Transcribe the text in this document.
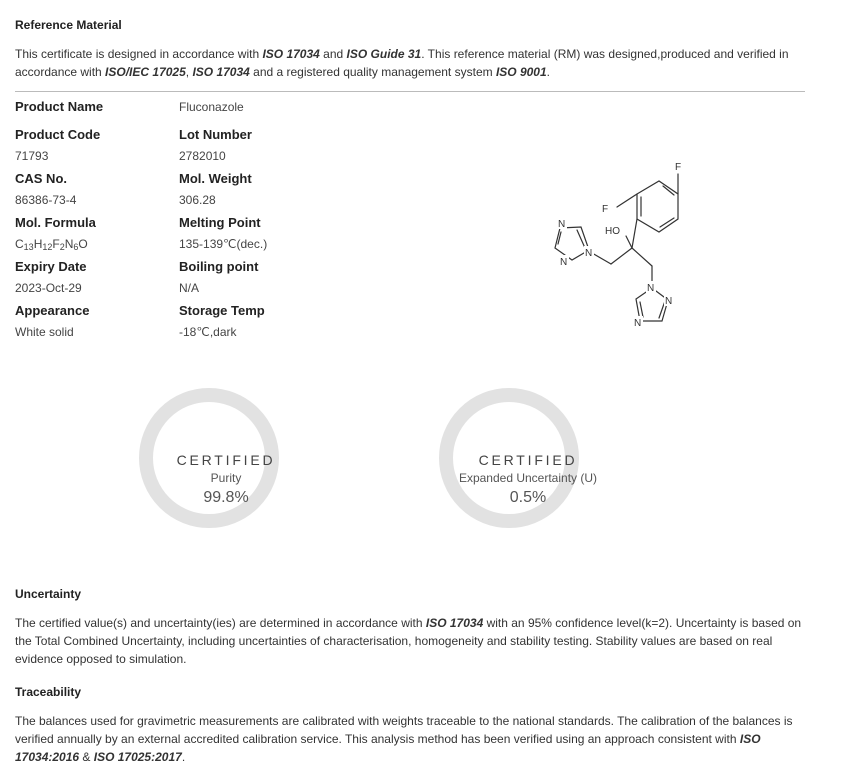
Reference Material
This certificate is designed in accordance with ISO 17034 and ISO Guide 31. This reference material (RM) was designed,produced and verified in accordance with ISO/IEC 17025, ISO 17034 and a registered quality management system ISO 9001.
Product Name	Fluconazole
Product Code
71793
Lot Number
2782010
CAS No.
86386-73-4
Mol. Weight
306.28
Mol. Formula
$C_{13}H_{12}F_2N_6O$
Melting Point
135-139℃(dec.)
Expiry Date
2023-Oct-29
Boiling point
N/A
Appearance
White solid
Storage Temp
-18℃,dark
F
F
HO
N
N
N
N
N
N
CERTIFIED
Purity
99.8%
CERTIFIED
Expanded Uncertainty (U)
0.5%
Uncertainty
The certified value(s) and uncertainty(ies) are determined in accordance with ISO 17034 with an 95% confidence level(k=2). Uncertainty is based on the Total Combined Uncertainty, including uncertainties of characterisation, homogeneity and stability testing. Stability values are based on real evidence opposed to simulation.
Traceability
The balances used for gravimetric measurements are calibrated with weights traceable to the national standards. The calibration of the balances is verified annually by an external accredited calibration service. This analysis method has been verified using an approach consistent with ISO 17034:2016 & ISO 17025:2017.
